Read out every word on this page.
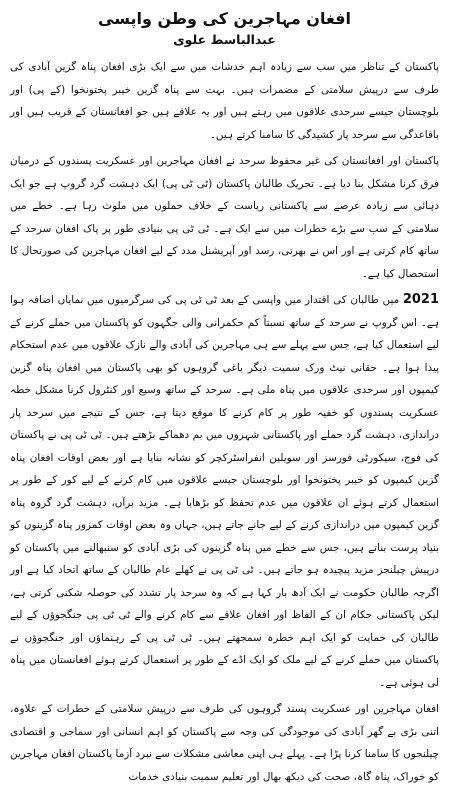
افغان مہاجرین کی وطن واپسی
عبدالباسط علوی

پاکستان کے تناظر میں سب سے زیادہ اہم خدشات میں سے ایک بڑی افغان پناہ گزین آبادی کی طرف سے درپیش سلامتی کے مضمرات ہیں۔ بہت سے پناہ گزین خیبر پختونخوا (کے پی) اور بلوچستان جیسے سرحدی علاقوں میں رہتے ہیں اور یہ علاقے ہیں جو افغانستان کے قریب ہیں اور باقاعدگی سے سرحد پار کشیدگی کا سامنا کرتے ہیں۔

پاکستان اور افغانستان کی غیر محفوظ سرحد نے افغان مہاجرین اور عسکریت پسندوں کے درمیان فرق کرنا مشکل بنا دیا ہے۔ تحریک طالبان پاکستان (ٹی ٹی پی) ایک دہشت گرد گروپ ہے جو ایک دہائی سے زیادہ عرصے سے پاکستانی ریاست کے خلاف حملوں میں ملوث رہا ہے۔ خطے میں سلامتی کے سب سے بڑے خطرات میں سے ایک ہے۔ ٹی ٹی پی بنیادی طور پر پاک افغان سرحد کے ساتھ کام کرتی ہے اور اس نے بھرتی، رسد اور آپریشنل مدد کے لیے افغان مہاجرین کی صورتحال کا استحصال کیا ہے۔

2021 میں طالبان کی اقتدار میں واپسی کے بعد ٹی ٹی پی کی سرگرمیوں میں نمایاں اضافہ ہوا ہے۔ اس گروپ نے سرحد کے ساتھ نسبتاً کم حکمرانی والی جگہوں کو پاکستان میں حملے کرنے کے لیے استعمال کیا ہے، جس سے پہلے سے ہی مہاجرین کی آبادی والے نازک علاقوں میں عدم استحکام پیدا ہوا ہے۔ حقانی نیٹ ورک سمیت دیگر باغی گروہوں کو بھی پاکستان میں افغان پناہ گزین کیمپوں اور سرحدی علاقوں میں پناہ ملی ہے۔ سرحد کے ساتھ وسیع اور کنٹرول کرنا مشکل خطہ عسکریت پسندوں کو خفیہ طور پر کام کرنے کا موقع دیتا ہے، جس کے نتیجے میں سرحد پار دراندازی، دہشت گرد حملے اور پاکستانی شہروں میں بم دھماکے بڑھتے ہیں۔ ٹی ٹی پی نے پاکستان کی فوج، سیکورٹی فورسز اور سویلین انفراسٹرکچر کو نشانہ بنایا ہے اور بعض اوقات افغان پناہ گزین کیمپوں کو خیبر پختونخوا اور بلوچستان جیسے علاقوں میں کام کرنے کے لیے کور کے طور پر استعمال کرتے ہوئے ان علاقوں میں عدم تحفظ کو بڑھایا ہے۔ مزید برآں، دہشت گرد گروہ پناہ گزین کیمپوں میں دراندازی کرنے کے لیے جانے جاتے ہیں، جہاں وہ بعض اوقات کمزور پناہ گزینوں کو بنیاد پرست بناتے ہیں، جس سے خطے میں پناہ گزینوں کی بڑی آبادی کو سنبھالنے میں پاکستان کو درپیش چیلنجز مزید پیچیدہ ہو جاتے ہیں۔ ٹی ٹی پی نے کھلے عام طالبان کے ساتھ اتحاد کیا ہے اور اگرچہ طالبان حکومت نے ایک آدھ بار کہا ہے کہ وہ سرحد پار تشدد کی حوصلہ شکنی کرتی ہے، لیکن پاکستانی حکام ان کے الفاظ اور افغان علاقے سے کام کرنے والے ٹی ٹی پی جنگجوؤں کے لیے طالبان کی حمایت کو ایک اہم خطرہ سمجھتے ہیں۔ ٹی ٹی پی کے رہنماؤں اور جنگجوؤں نے پاکستان میں حملے کرنے کے لیے ملک کو ایک اڈے کے طور پر استعمال کرتے ہوئے افغانستان میں پناہ لی ہوئی ہے۔

افغان مہاجرین اور عسکریت پسند گروہوں کی طرف سے درپیش سلامتی کے خطرات کے علاوہ، اتنی بڑی بے گھر آبادی کی موجودگی کی وجہ سے پاکستان کو اہم انسانی اور سماجی و اقتصادی چیلنجوں کا سامنا کرنا پڑا ہے۔ پہلے ہی اپنی معاشی مشکلات سے نبرد آزما پاکستان افغان مہاجرین کو خوراک، پناہ گاہ، صحت کی دیکھ بھال اور تعلیم سمیت بنیادی خدمات
